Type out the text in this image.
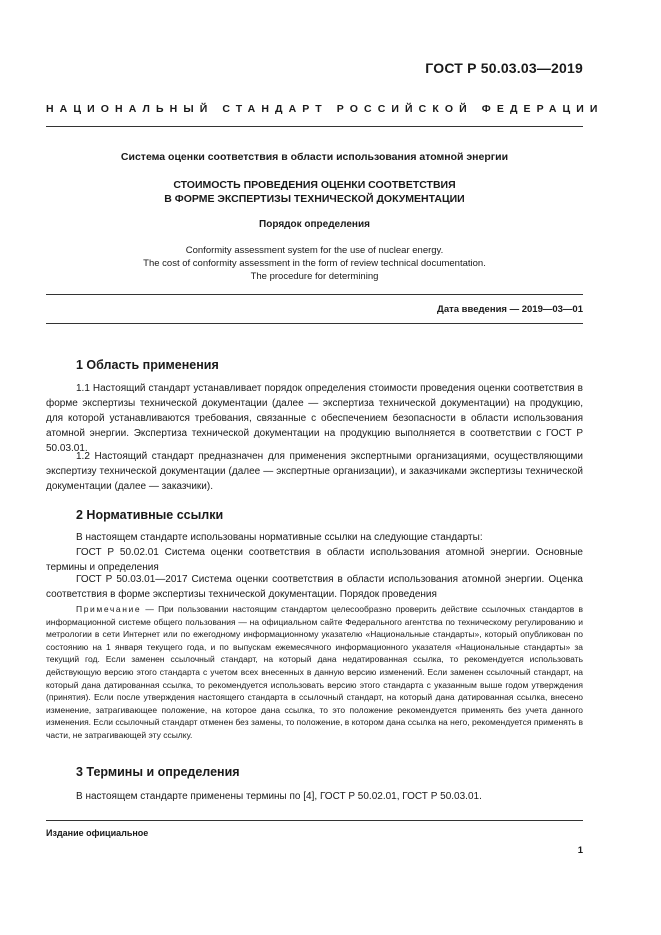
ГОСТ Р 50.03.03—2019
НАЦИОНАЛЬНЫЙ СТАНДАРТ РОССИЙСКОЙ ФЕДЕРАЦИИ
Система оценки соответствия в области использования атомной энергии
СТОИМОСТЬ ПРОВЕДЕНИЯ ОЦЕНКИ СООТВЕТСТВИЯ
В ФОРМЕ ЭКСПЕРТИЗЫ ТЕХНИЧЕСКОЙ ДОКУМЕНТАЦИИ
Порядок определения
Conformity assessment system for the use of nuclear energy.
The cost of conformity assessment in the form of review technical documentation.
The procedure for determining
Дата введения — 2019—03—01
1 Область применения

1.1 Настоящий стандарт устанавливает порядок определения стоимости проведения оценки соответствия в форме экспертизы технической документации (далее — экспертиза технической документации) на продукцию, для которой устанавливаются требования, связанные с обеспечением безопасности в области использования атомной энергии. Экспертиза технической документации на продукцию выполняется в соответствии с ГОСТ Р 50.03.01.

1.2 Настоящий стандарт предназначен для применения экспертными организациями, осуществляющими экспертизу технической документации (далее — экспертные организации), и заказчиками экспертизы технической документации (далее — заказчики).

2 Нормативные ссылки

В настоящем стандарте использованы нормативные ссылки на следующие стандарты:

ГОСТ Р 50.02.01 Система оценки соответствия в области использования атомной энергии. Основные термины и определения

ГОСТ Р 50.03.01—2017 Система оценки соответствия в области использования атомной энергии. Оценка соответствия в форме экспертизы технической документации. Порядок проведения

Примечание — При пользовании настоящим стандартом целесообразно проверить действие ссылочных стандартов в информационной системе общего пользования — на официальном сайте Федерального агентства по техническому регулированию и метрологии в сети Интернет или по ежегодному информационному указателю «Национальные стандарты», который опубликован по состоянию на 1 января текущего года, и по выпускам ежемесячного информационного указателя «Национальные стандарты» за текущий год. Если заменен ссылочный стандарт, на который дана недатированная ссылка, то рекомендуется использовать действующую версию этого стандарта с учетом всех внесенных в данную версию изменений. Если заменен ссылочный стандарт, на который дана датированная ссылка, то рекомендуется использовать версию этого стандарта с указанным выше годом утверждения (принятия). Если после утверждения настоящего стандарта в ссылочный стандарт, на который дана датированная ссылка, внесено изменение, затрагивающее положение, на которое дана ссылка, то это положение рекомендуется применять без учета данного изменения. Если ссылочный стандарт отменен без замены, то положение, в котором дана ссылка на него, рекомендуется применять в части, не затрагивающей эту ссылку.

3 Термины и определения

В настоящем стандарте применены термины по [4], ГОСТ Р 50.02.01, ГОСТ Р 50.03.01.

Издание официальное
1
